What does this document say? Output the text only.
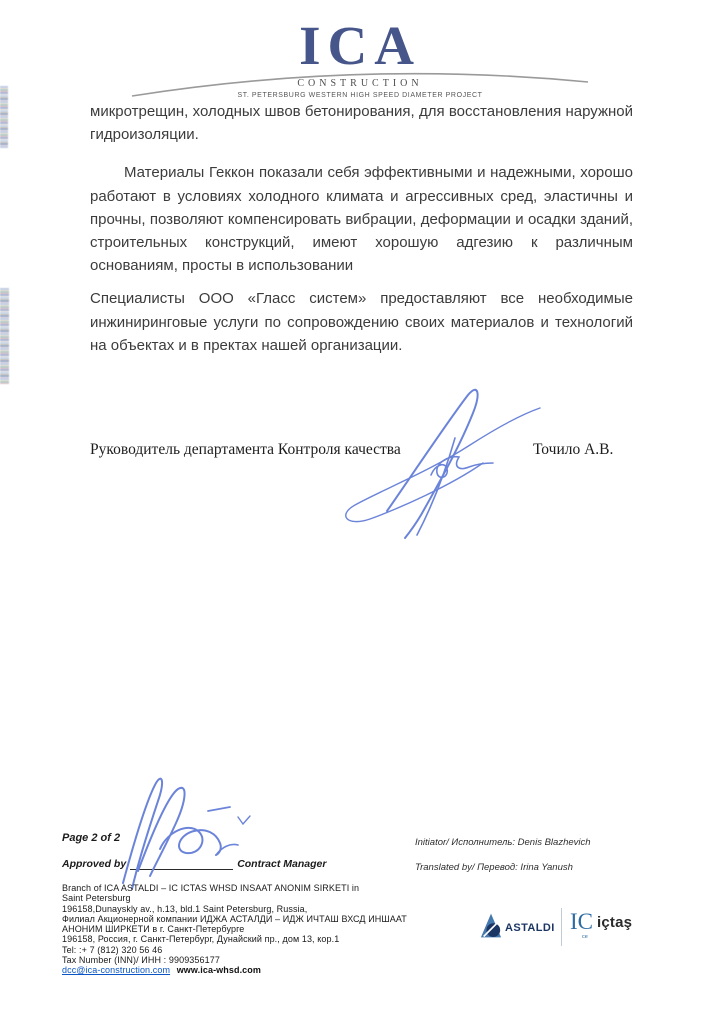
ICA
CONSTRUCTION
ST. PETERSBURG WESTERN HIGH SPEED DIAMETER PROJECT

микротрещин, холодных швов бетонирования, для восстановления наружной гидроизоляции.

Материалы Геккон показали себя эффективными и надежными, хорошо работают в условиях холодного климата и агрессивных сред, эластичны и прочны, позволяют компенсировать вибрации, деформации и осадки зданий, строительных конструкций, имеют хорошую адгезию к различным основаниям, просты в использовании

Специалисты ООО «Гласс систем» предоставляют все необходимые инжиниринговые услуги по сопровождению своих материалов и технологий на объектах и в пректах нашей организации.

Руководитель департамента Контроля качества	Точило А.В.
Page 2 of 2
Approved by	Contract Manager
Branch of ICA ASTALDI – IC ICTAS WHSD INSAAT ANONIM SIRKETI in
Saint Petersburg
196158,Dunayskly av., h.13, bld.1 Saint Petersburg, Russia,
Филиал Акционерной компании ИДЖА АСТАЛДИ – ИДЖ ИЧТАШ ВХСД ИНШААТ
АНОНИМ ШИРКЕТИ в г. Санкт-Петербурге
196158, Россия, г. Санкт-Петербург, Дунайский пр., дом 13, кор.1
Tel: :+ 7 (812) 320 56 46
Tax Number (INN)/ ИНН : 9909356177
dcc@ica-construction.com www.ica-whsd.com
Initiator/ Исполнитель: Denis Blazhevich
Translated by/ Перевод: Irina Yanush
ASTALDI IC
ce
içtaş
